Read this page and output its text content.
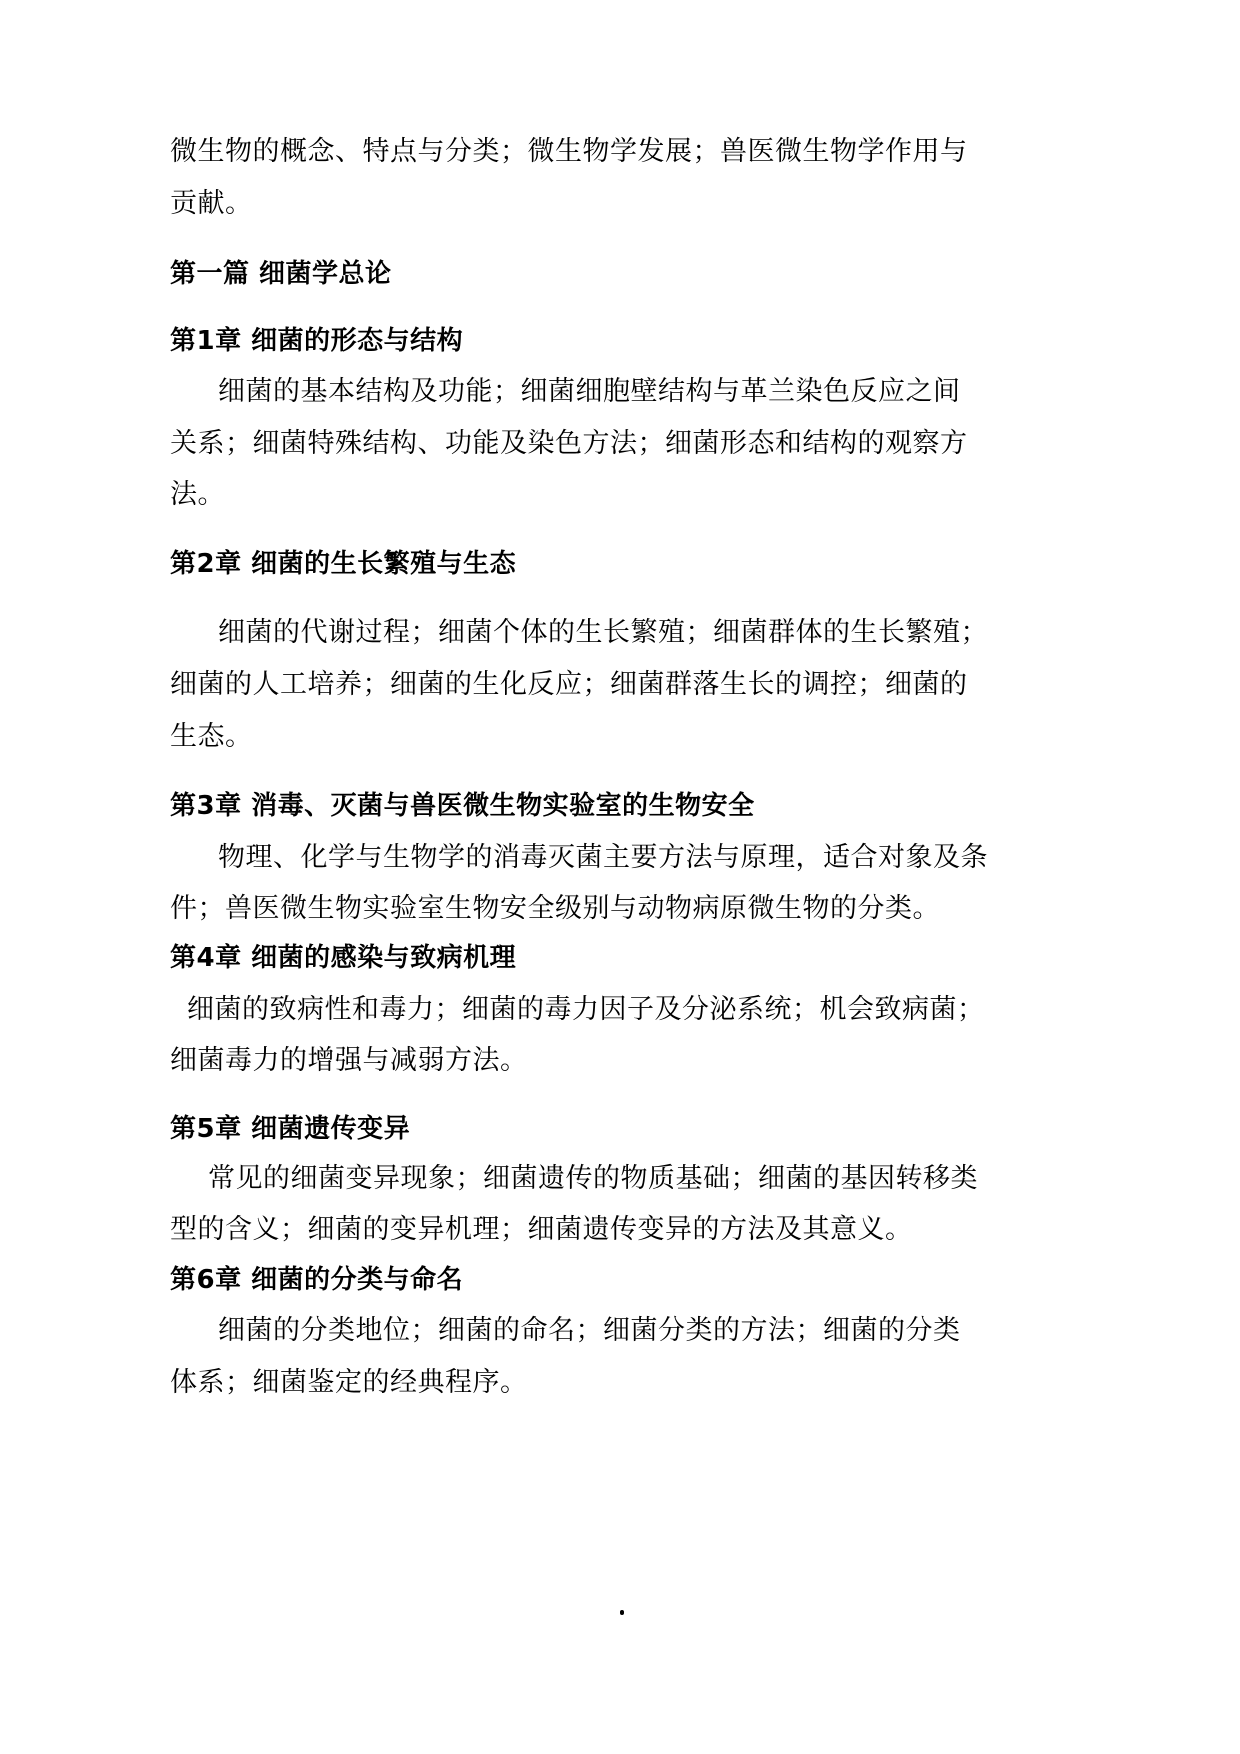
微生物的概念、特点与分类；微生物学发展；兽医微生物学作用与
贡献。
第一篇 细菌学总论
第1章 细菌的形态与结构
细菌的基本结构及功能；细菌细胞壁结构与革兰染色反应之间
关系；细菌特殊结构、功能及染色方法；细菌形态和结构的观察方
法。
第2章 细菌的生长繁殖与生态
细菌的代谢过程；细菌个体的生长繁殖；细菌群体的生长繁殖；
细菌的人工培养；细菌的生化反应；细菌群落生长的调控；细菌的
生态。
第3章 消毒、灭菌与兽医微生物实验室的生物安全
物理、化学与生物学的消毒灭菌主要方法与原理，适合对象及条
件；兽医微生物实验室生物安全级别与动物病原微生物的分类。
第4章 细菌的感染与致病机理
细菌的致病性和毒力；细菌的毒力因子及分泌系统；机会致病菌；
细菌毒力的增强与减弱方法。
第5章 细菌遗传变异
常见的细菌变异现象；细菌遗传的物质基础；细菌的基因转移类
型的含义；细菌的变异机理；细菌遗传变异的方法及其意义。
第6章 细菌的分类与命名
细菌的分类地位；细菌的命名；细菌分类的方法；细菌的分类
体系；细菌鉴定的经典程序。
